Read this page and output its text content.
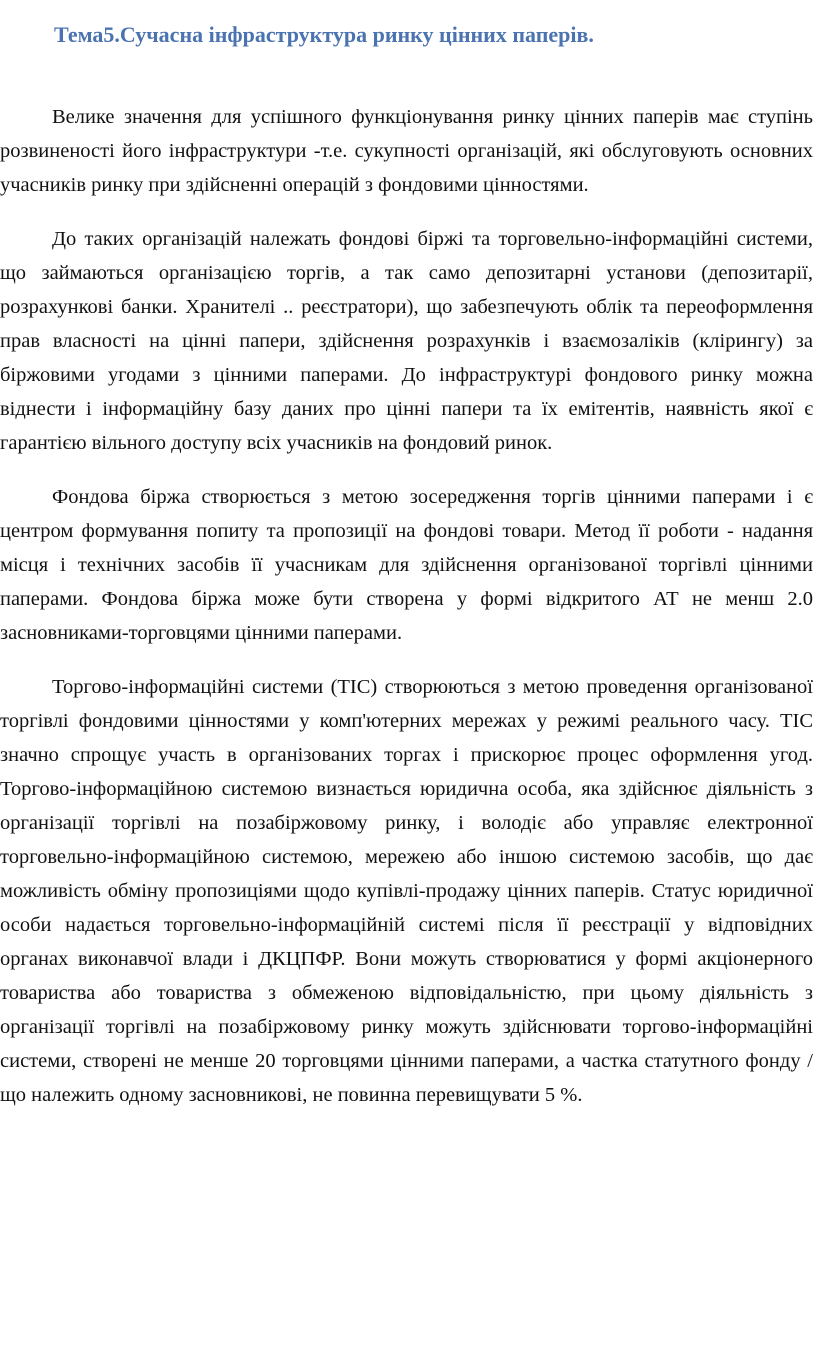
Тема5.Сучасна інфраструктура ринку цінних паперів.

Велике значення для успішного функціонування ринку цінних паперів має ступінь розвиненості його інфраструктури -т.е. сукупності організацій, які обслуговують основних учасників ринку при здійсненні операцій з фондовими цінностями.

До таких організацій належать фондові біржі та торговельно-інформаційні системи, що займаються організацією торгів, а так само депозитарні установи (депозитарії, розрахункові банки. Хранителі .. реєстратори), що забезпечують облік та переоформлення прав власності на цінні папери, здійснення розрахунків і взаємозаліків (клірингу) за біржовими угодами з цінними паперами. До інфраструктурі фондового ринку можна віднести і інформаційну базу даних про цінні папери та їх емітентів, наявність якої є гарантією вільного доступу всіх учасників на фондовий ринок.

Фондова біржа створюється з метою зосередження торгів цінними паперами і є центром формування попиту та пропозиції на фондові товари. Метод її роботи - надання місця і технічних засобів її учасникам для здійснення організованої торгівлі цінними паперами. Фондова біржа може бути створена у формі відкритого АТ не менш 2.0 засновниками-торговцями цінними паперами.

Торгово-інформаційні системи (ТІС) створюються з метою проведення організованої торгівлі фондовими цінностями у комп'ютерних мережах у режимі реального часу. ТІС значно спрощує участь в організованих торгах і прискорює процес оформлення угод. Торгово-інформаційною системою визнається юридична особа, яка здійснює діяльність з організації торгівлі на позабіржовому ринку, і володіє або управляє електронної торговельно-інформаційною системою, мережею або іншою системою засобів, що дає можливість обміну пропозиціями щодо купівлі-продажу цінних паперів. Статус юридичної особи надається торговельно-інформаційній системі після її реєстрації у відповідних органах виконавчої влади і ДКЦПФР. Вони можуть створюватися у формі акціонерного товариства або товариства з обмеженою відповідальністю, при цьому діяльність з організації торгівлі на позабіржовому ринку можуть здійснювати торгово-інформаційні системи, створені не менше 20 торговцями цінними паперами, а частка статутного фонду / що належить одному засновникові, не повинна перевищувати 5 %.
